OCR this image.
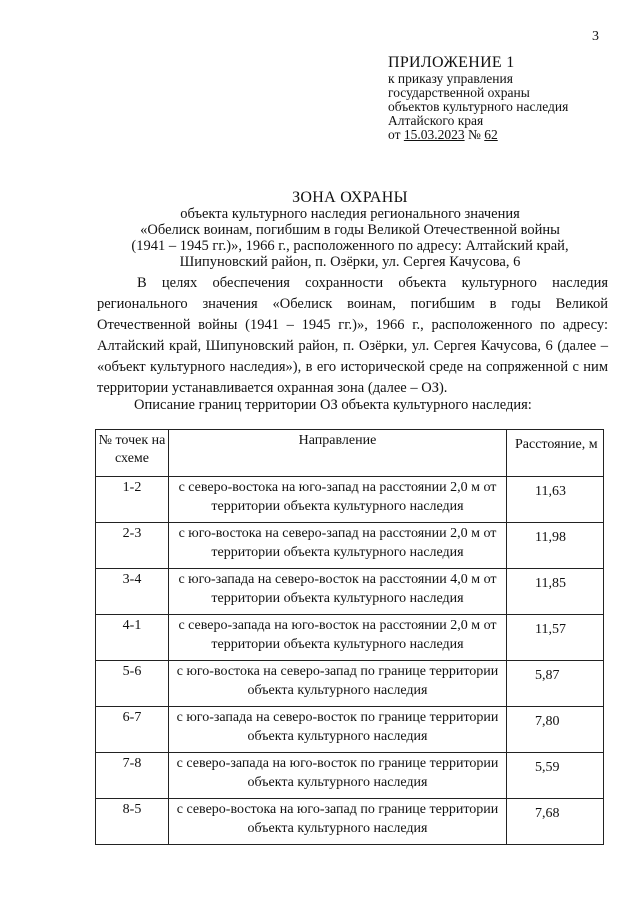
3
ПРИЛОЖЕНИЕ 1
к приказу управления
государственной охраны
объектов культурного наследия
Алтайского края
от 15.03.2023 № 62
ЗОНА ОХРАНЫ
объекта культурного наследия регионального значения
«Обелиск воинам, погибшим в годы Великой Отечественной войны
(1941 – 1945 гг.)», 1966 г., расположенного по адресу: Алтайский край,
Шипуновский район, п. Озёрки, ул. Сергея Качусова, 6
В целях обеспечения сохранности объекта культурного наследия регионального значения «Обелиск воинам, погибшим в годы Великой Отечественной войны (1941 – 1945 гг.)», 1966 г., расположенного по адресу: Алтайский край, Шипуновский район, п. Озёрки, ул. Сергея Качусова, 6 (далее – «объект культурного наследия»), в его исторической среде на сопряженной с ним территории устанавливается охранная зона (далее – ОЗ).
Описание границ территории ОЗ объекта культурного наследия:
№ точек на схеме	Направление	Расстояние, м
1-2	с северо-востока на юго-запад на расстоянии 2,0 м от территории объекта культурного наследия	11,63
2-3	с юго-востока на северо-запад на расстоянии 2,0 м от территории объекта культурного наследия	11,98
3-4	с юго-запада на северо-восток на расстоянии 4,0 м от территории объекта культурного наследия	11,85
4-1	с северо-запада на юго-восток на расстоянии 2,0 м от территории объекта культурного наследия	11,57
5-6	с юго-востока на северо-запад по границе территории объекта культурного наследия	5,87
6-7	с юго-запада на северо-восток по границе территории объекта культурного наследия	7,80
7-8	с северо-запада на юго-восток по границе территории объекта культурного наследия	5,59
8-5	с северо-востока на юго-запад по границе территории объекта культурного наследия	7,68
